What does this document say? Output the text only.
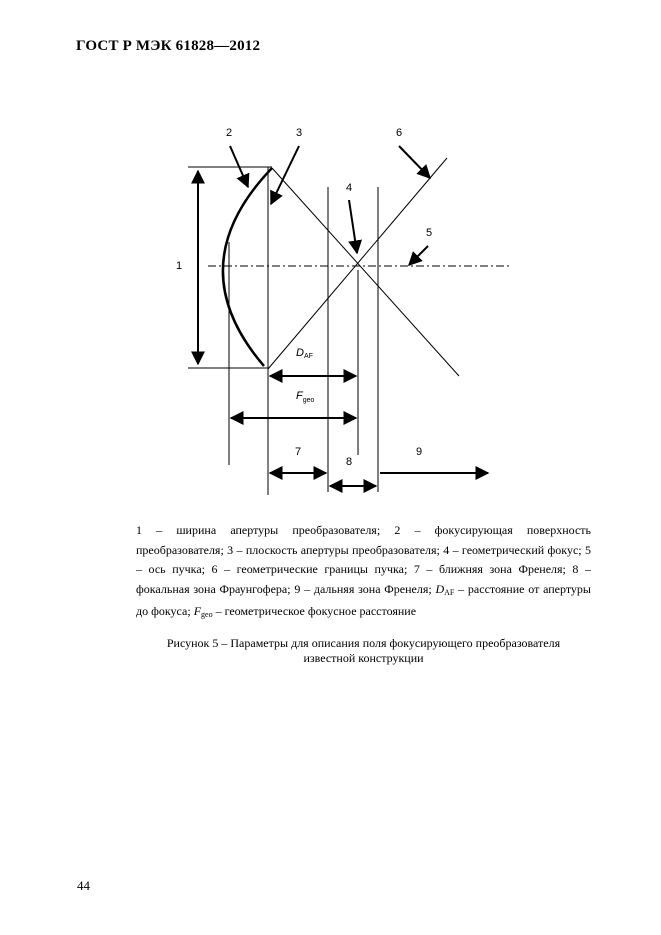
ГОСТ Р МЭК 61828—2012
1
2	3	6
4
5
7
8
9
DAF
$F_{geo}$
1 – ширина апертуры преобразователя; 2 – фокусирующая поверхность преобразователя; 3 – плоскость апертуры преобразователя; 4 – геометрический фокус; 5 – ось пучка; 6 – геометрические границы пучка; 7 – ближняя зона Френеля; 8 – фокальная зона Фраунгофера; 9 – дальняя зона Френеля; $D_{AF}$ – расстояние от апертуры до фокуса; $F_{geo}$ – геометрическое фокусное расстояние
Рисунок 5 – Параметры для описания поля фокусирующего преобразователя
известной конструкции
44
